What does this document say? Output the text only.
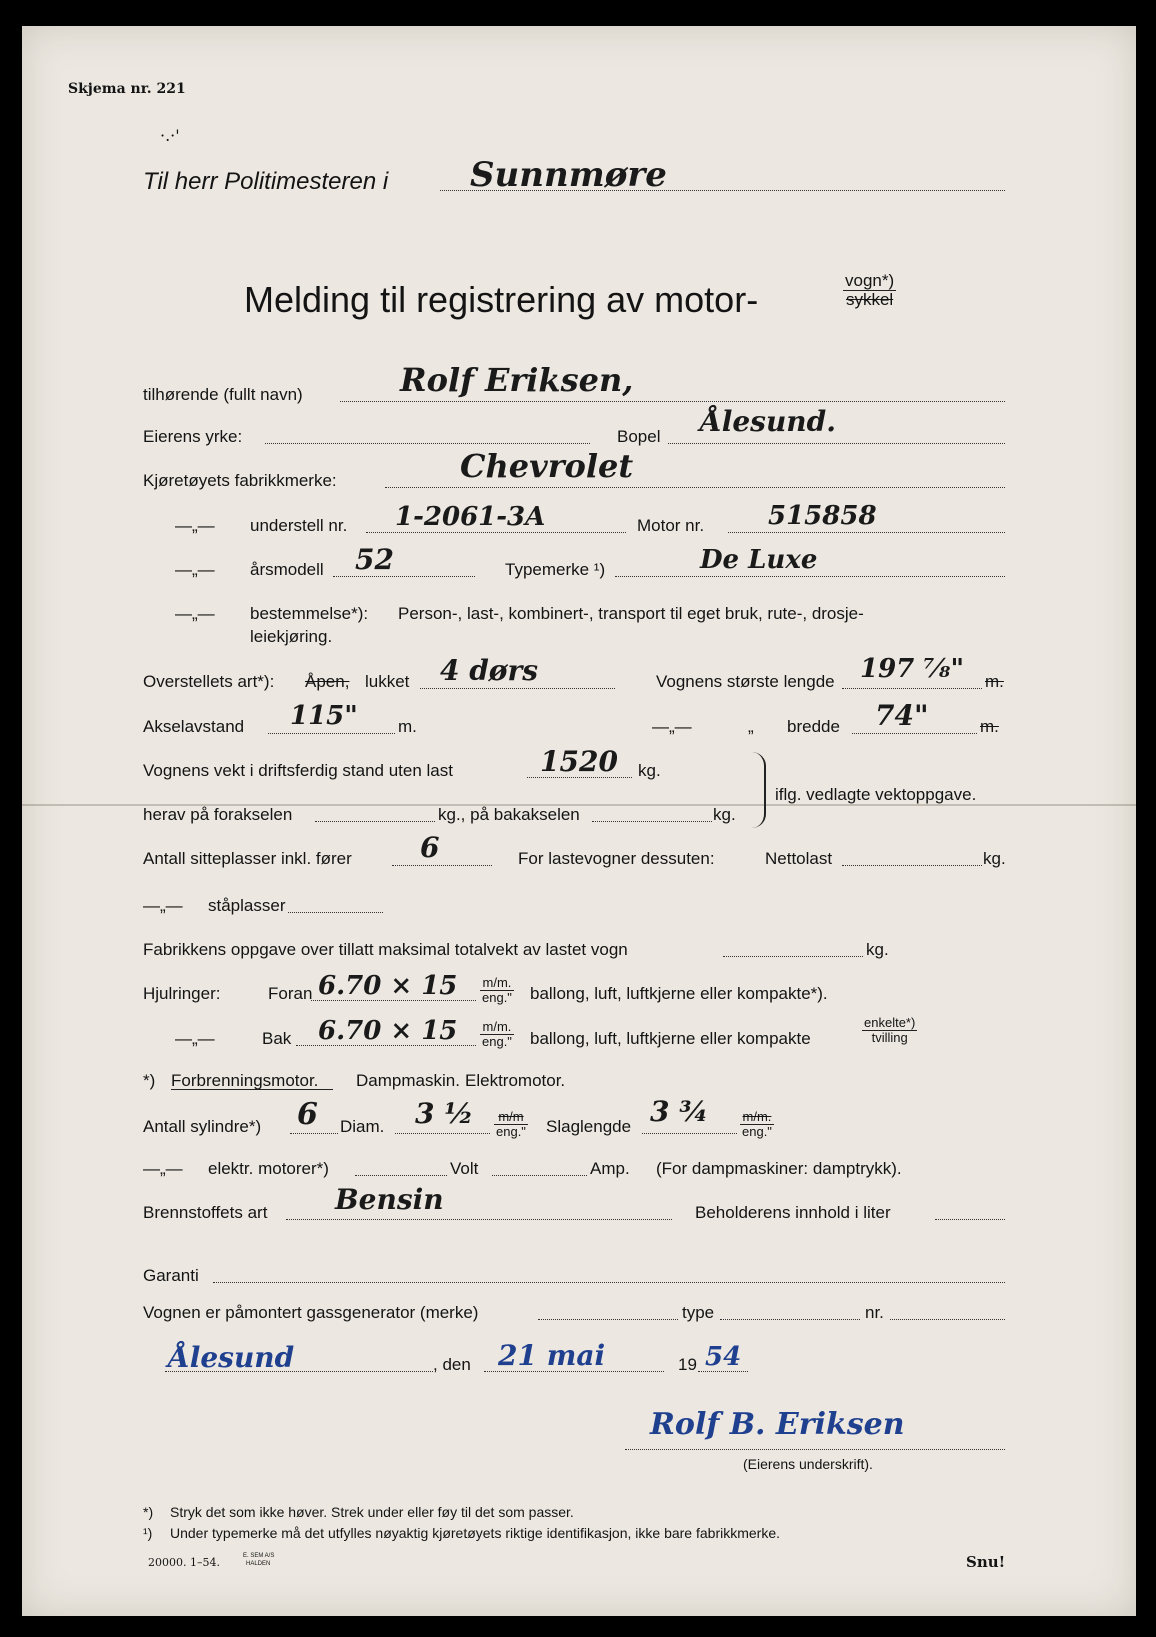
Skjema nr. 221
·.·'
Til herr Politimesteren i Sunnmøre
Melding til registrering av motor-	vogn*)
sykkel
tilhørende (fullt navn)	Rolf Eriksen,
Eierens yrke:	Bopel Ålesund.
Kjøretøyets fabrikkmerke:	Chevrolet
—„— understell nr. 1-2061-3A	Motor nr. 515858
—„— årsmodell 52	Typemerke ¹)	De Luxe
—„— bestemmelse*): Person-, last-, kombinert-, transport til eget bruk, rute-, drosje-
leiekjøring.
Overstellets art*): Åpen, lukket 4 dørs	Vognens største lengde 197 ⁷⁄₈" m.
Akselavstand 115" m.	—„—	„ bredde 74"	m.
Vognens vekt i driftsferdig stand uten last	1520 kg.
herav på forakselen	kg., på bakakselen	kg.
iflg. vedlagte vektoppgave.
Antall sitteplasser inkl. fører 6	For lastevogner dessuten:	Nettolast	kg.
—„— ståplasser
Fabrikkens oppgave over tillatt maksimal totalvekt av lastet vogn	kg.
Hjulringer:	Foran 6.70 × 15 m/m.
eng." ballong, luft, luftkjerne eller kompakte*).
—„—	Bak 6.70 × 15 m/m.
eng." ballong, luft, luftkjerne eller kompakte
enkelte*)
tvilling
*) Forbrenningsmotor. Dampmaskin. Elektromotor.
Antall sylindre*) 6 Diam. 3 ½	m/m
eng." Slaglengde 3 ¾	m/m.
eng."
—„— elektr. motorer*)	Volt	Amp. (For dampmaskiner: damptrykk).
Brennstoffets art Bensin	Beholderens innhold i liter
Garanti
Vognen er påmontert gassgenerator (merke)	type	nr.
Ålesund	, den 21 mai	19 54
Rolf B. Eriksen
(Eierens underskrift).
*) Stryk det som ikke høver. Strek under eller føy til det som passer.
¹) Under typemerke må det utfylles nøyaktig kjøretøyets riktige identifikasjon, ikke bare fabrikkmerke.
20000. 1–54.	E. SEM A/S
HALDEN	Snu!
